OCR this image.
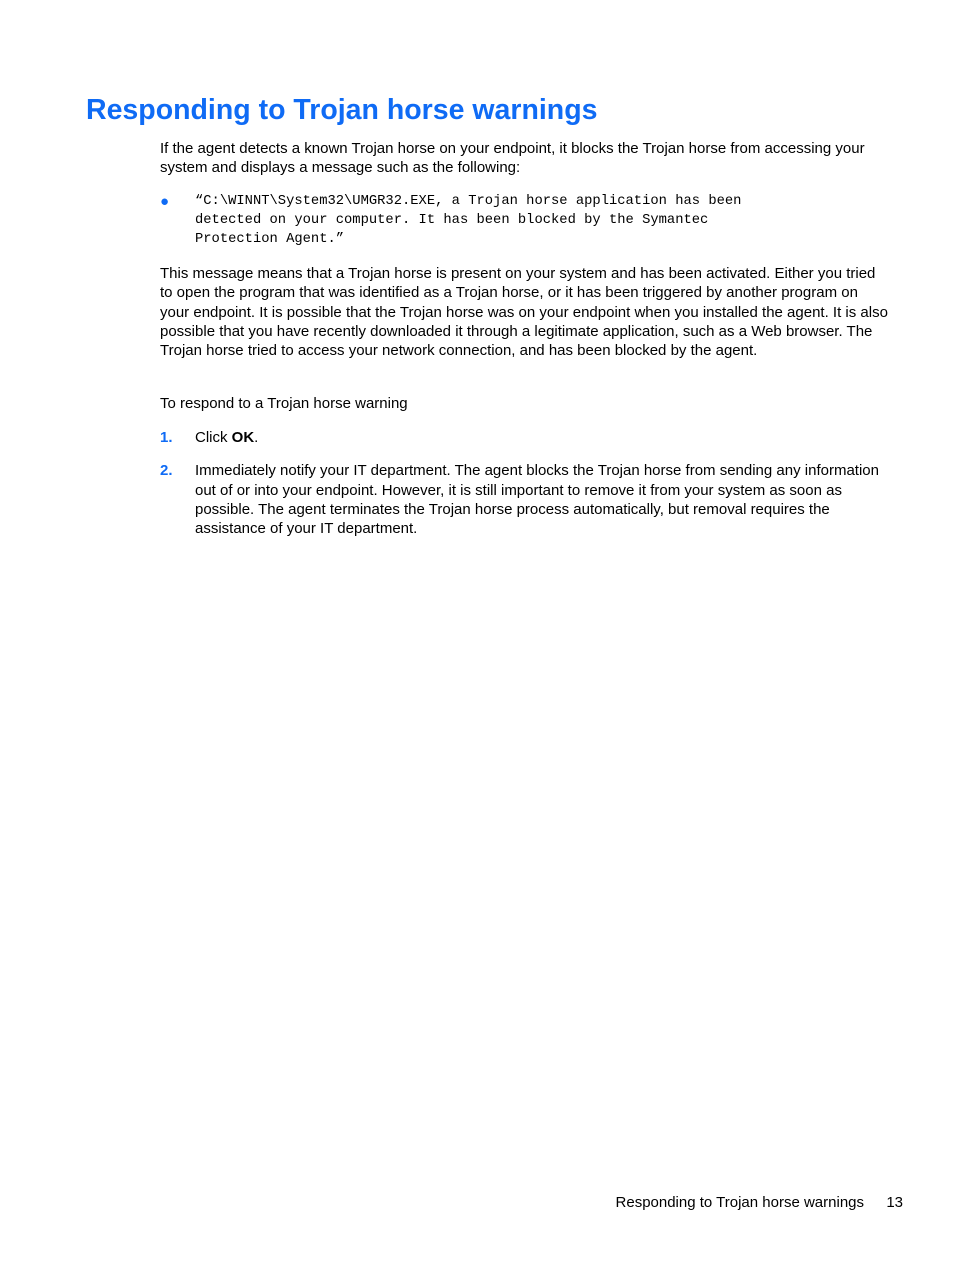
Responding to Trojan horse warnings

If the agent detects a known Trojan horse on your endpoint, it blocks the Trojan horse from accessing your system and displays a message such as the following:

● “C:\WINNT\System32\UMGR32.EXE, a Trojan horse application has been
detected on your computer. It has been blocked by the Symantec
Protection Agent.”

This message means that a Trojan horse is present on your system and has been activated. Either you tried to open the program that was identified as a Trojan horse, or it has been triggered by another program on your endpoint. It is possible that the Trojan horse was on your endpoint when you installed the agent. It is also possible that you have recently downloaded it through a legitimate application, such as a Web browser. The Trojan horse tried to access your network connection, and has been blocked by the agent.

To respond to a Trojan horse warning

1. Click OK.
2. Immediately notify your IT department. The agent blocks the Trojan horse from sending any information out of or into your endpoint. However, it is still important to remove it from your system as soon as possible. The agent terminates the Trojan horse process automatically, but removal requires the assistance of your IT department.
Responding to Trojan horse warnings 13
